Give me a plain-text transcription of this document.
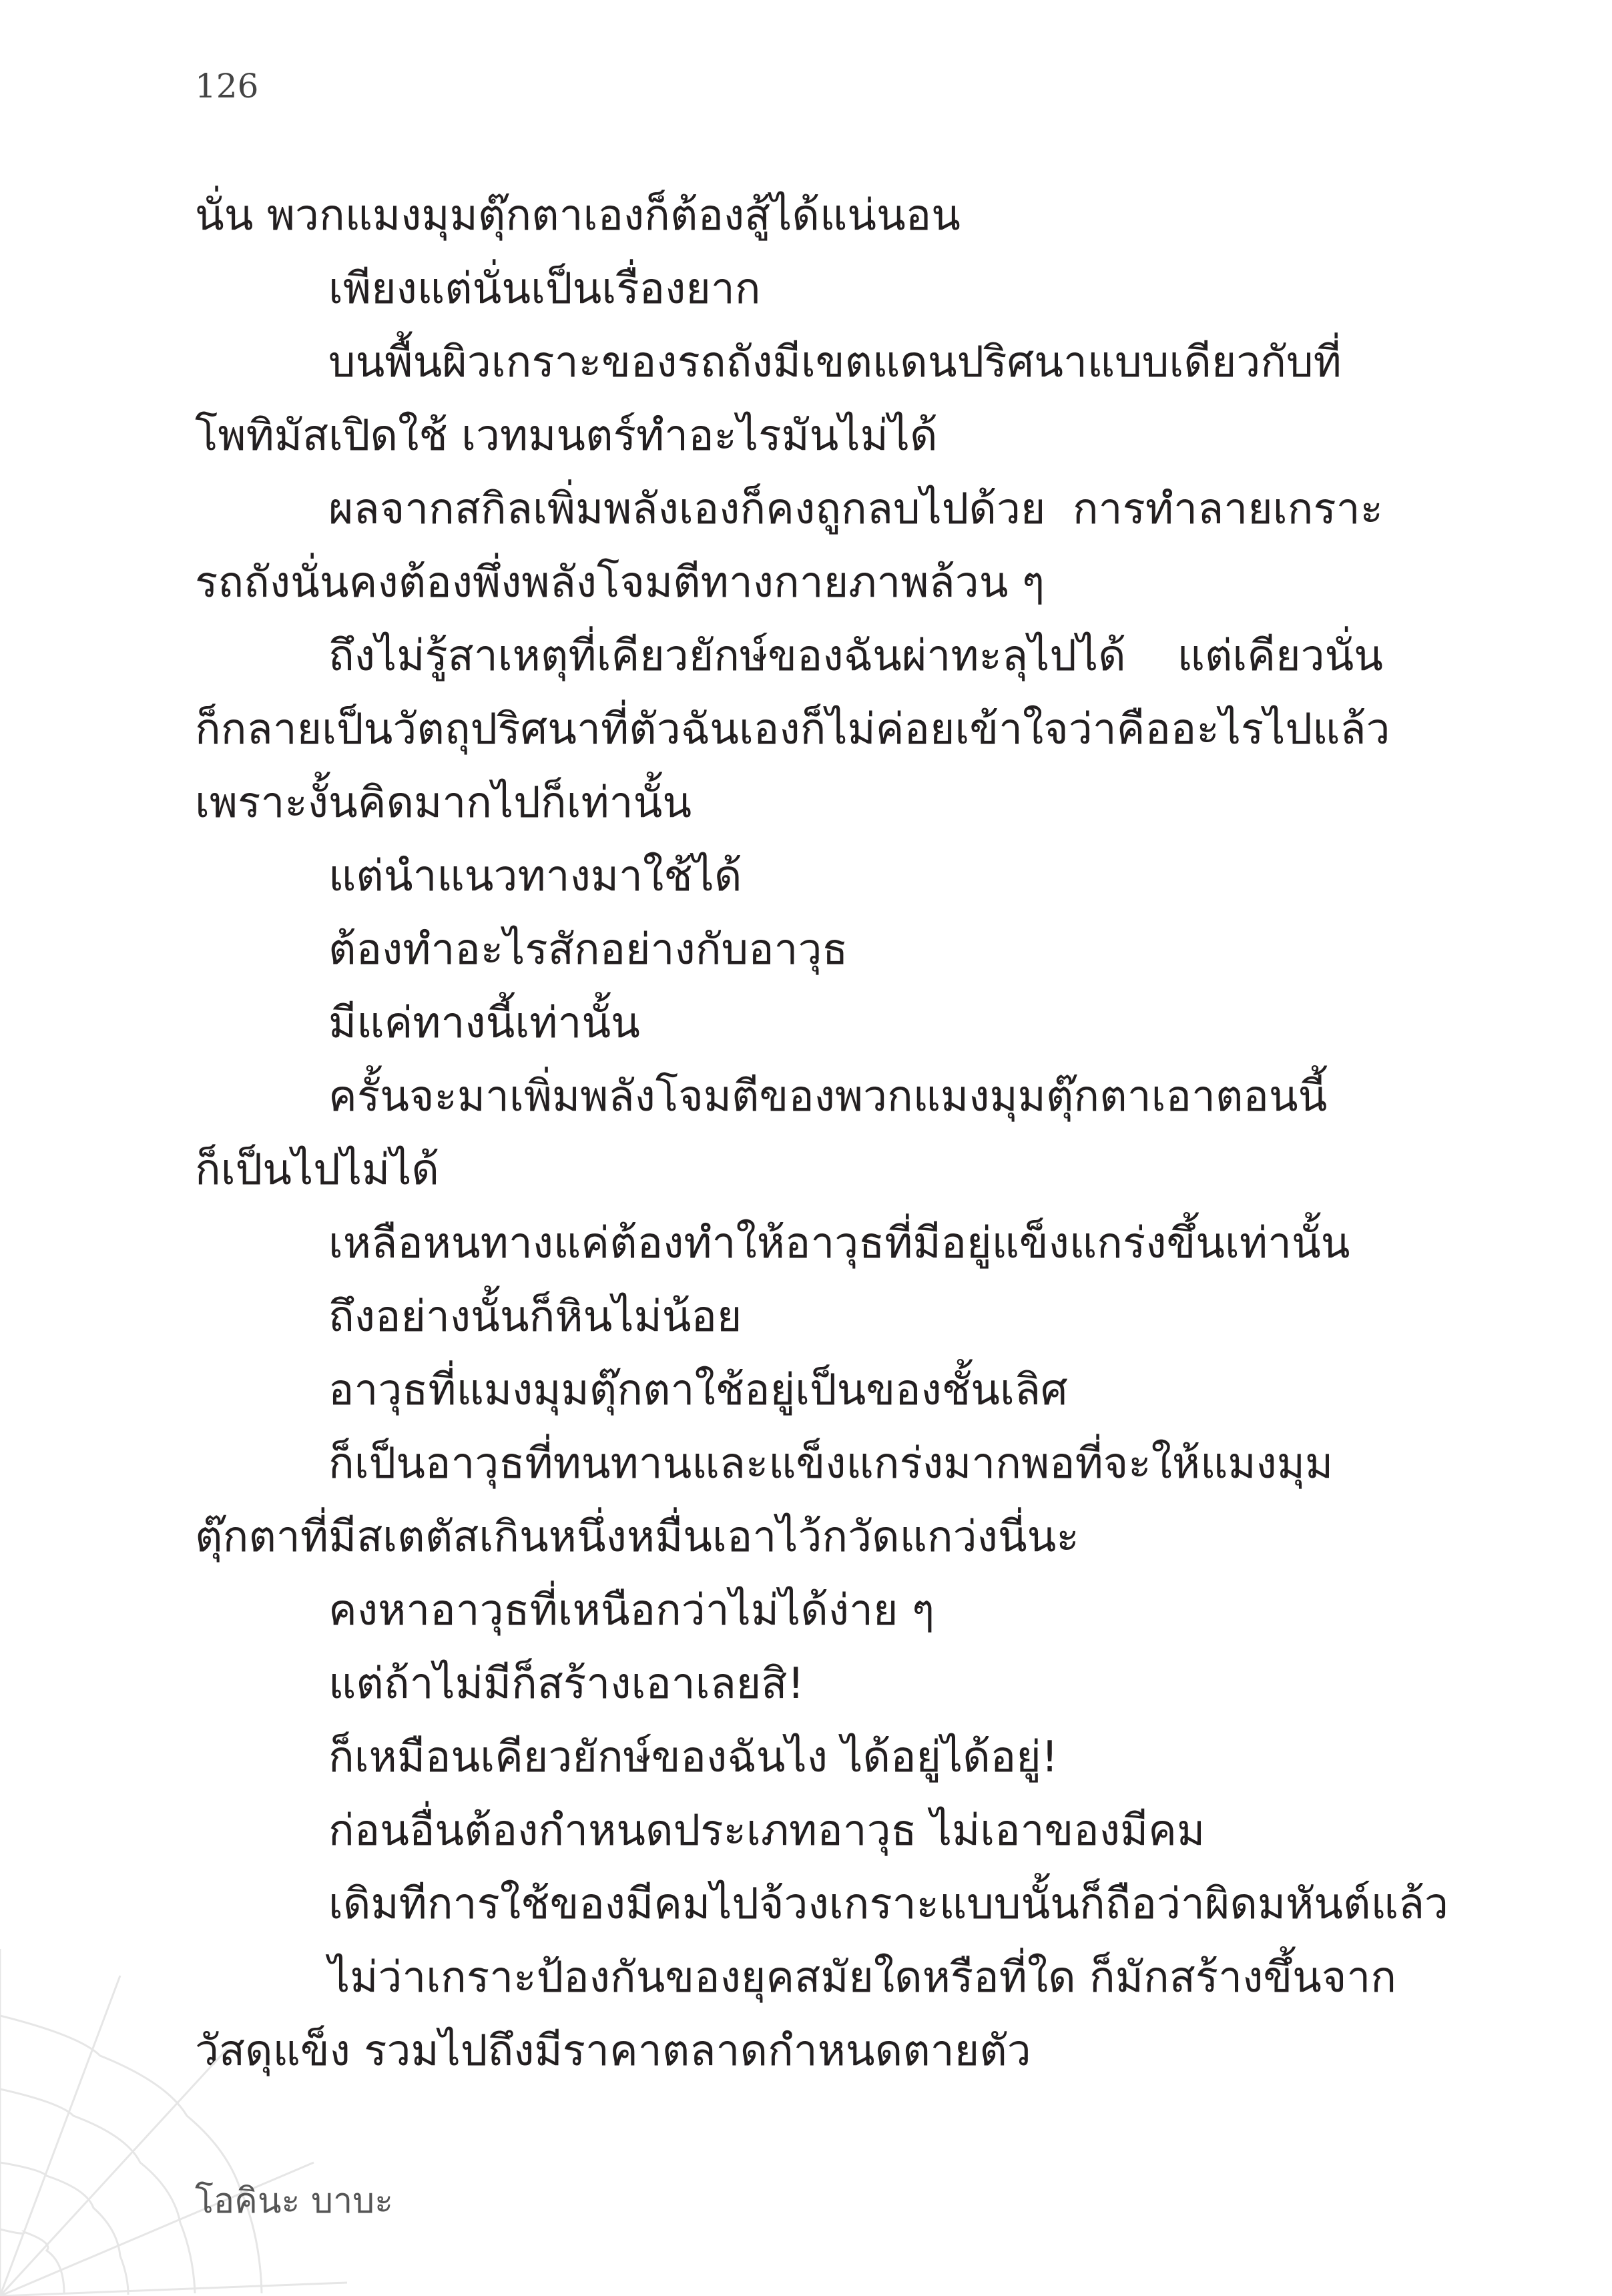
126
นั่น พวกแมงมุมตุ๊กตาเองก็ต้องสู้ได้แน่นอน
เพียงแต่นั่นเป็นเรื่องยาก
บนพื้นผิวเกราะของรถถังมีเขตแดนปริศนาแบบเดียวกับที่
โพทิมัสเปิดใช้ เวทมนตร์ทำอะไรมันไม่ได้
ผลจากสกิลเพิ่มพลังเองก็คงถูกลบไปด้วย การทำลายเกราะ
รถถังนั่นคงต้องพึ่งพลังโจมตีทางกายภาพล้วน ๆ
ถึงไม่รู้สาเหตุที่เคียวยักษ์ของฉันผ่าทะลุไปได้ แต่เคียวนั่น
ก็กลายเป็นวัตถุปริศนาที่ตัวฉันเองก็ไม่ค่อยเข้าใจว่าคืออะไรไปแล้ว
เพราะงั้นคิดมากไปก็เท่านั้น
แต่นำแนวทางมาใช้ได้
ต้องทำอะไรสักอย่างกับอาวุธ
มีแค่ทางนี้เท่านั้น
ครั้นจะมาเพิ่มพลังโจมตีของพวกแมงมุมตุ๊กตาเอาตอนนี้
ก็เป็นไปไม่ได้
เหลือหนทางแค่ต้องทำให้อาวุธที่มีอยู่แข็งแกร่งขึ้นเท่านั้น
ถึงอย่างนั้นก็หินไม่น้อย
อาวุธที่แมงมุมตุ๊กตาใช้อยู่เป็นของชั้นเลิศ
ก็เป็นอาวุธที่ทนทานและแข็งแกร่งมากพอที่จะให้แมงมุม
ตุ๊กตาที่มีสเตตัสเกินหนึ่งหมื่นเอาไว้กวัดแกว่งนี่นะ
คงหาอาวุธที่เหนือกว่าไม่ได้ง่าย ๆ
แต่ถ้าไม่มีก็สร้างเอาเลยสิ!
ก็เหมือนเคียวยักษ์ของฉันไง ได้อยู่ได้อยู่!
ก่อนอื่นต้องกำหนดประเภทอาวุธ ไม่เอาของมีคม
เดิมทีการใช้ของมีคมไปจ้วงเกราะแบบนั้นก็ถือว่าผิดมหันต์แล้ว
ไม่ว่าเกราะป้องกันของยุคสมัยใดหรือที่ใด ก็มักสร้างขึ้นจาก
วัสดุแข็ง รวมไปถึงมีราคาตลาดกำหนดตายตัว
โอคินะ บาบะ
